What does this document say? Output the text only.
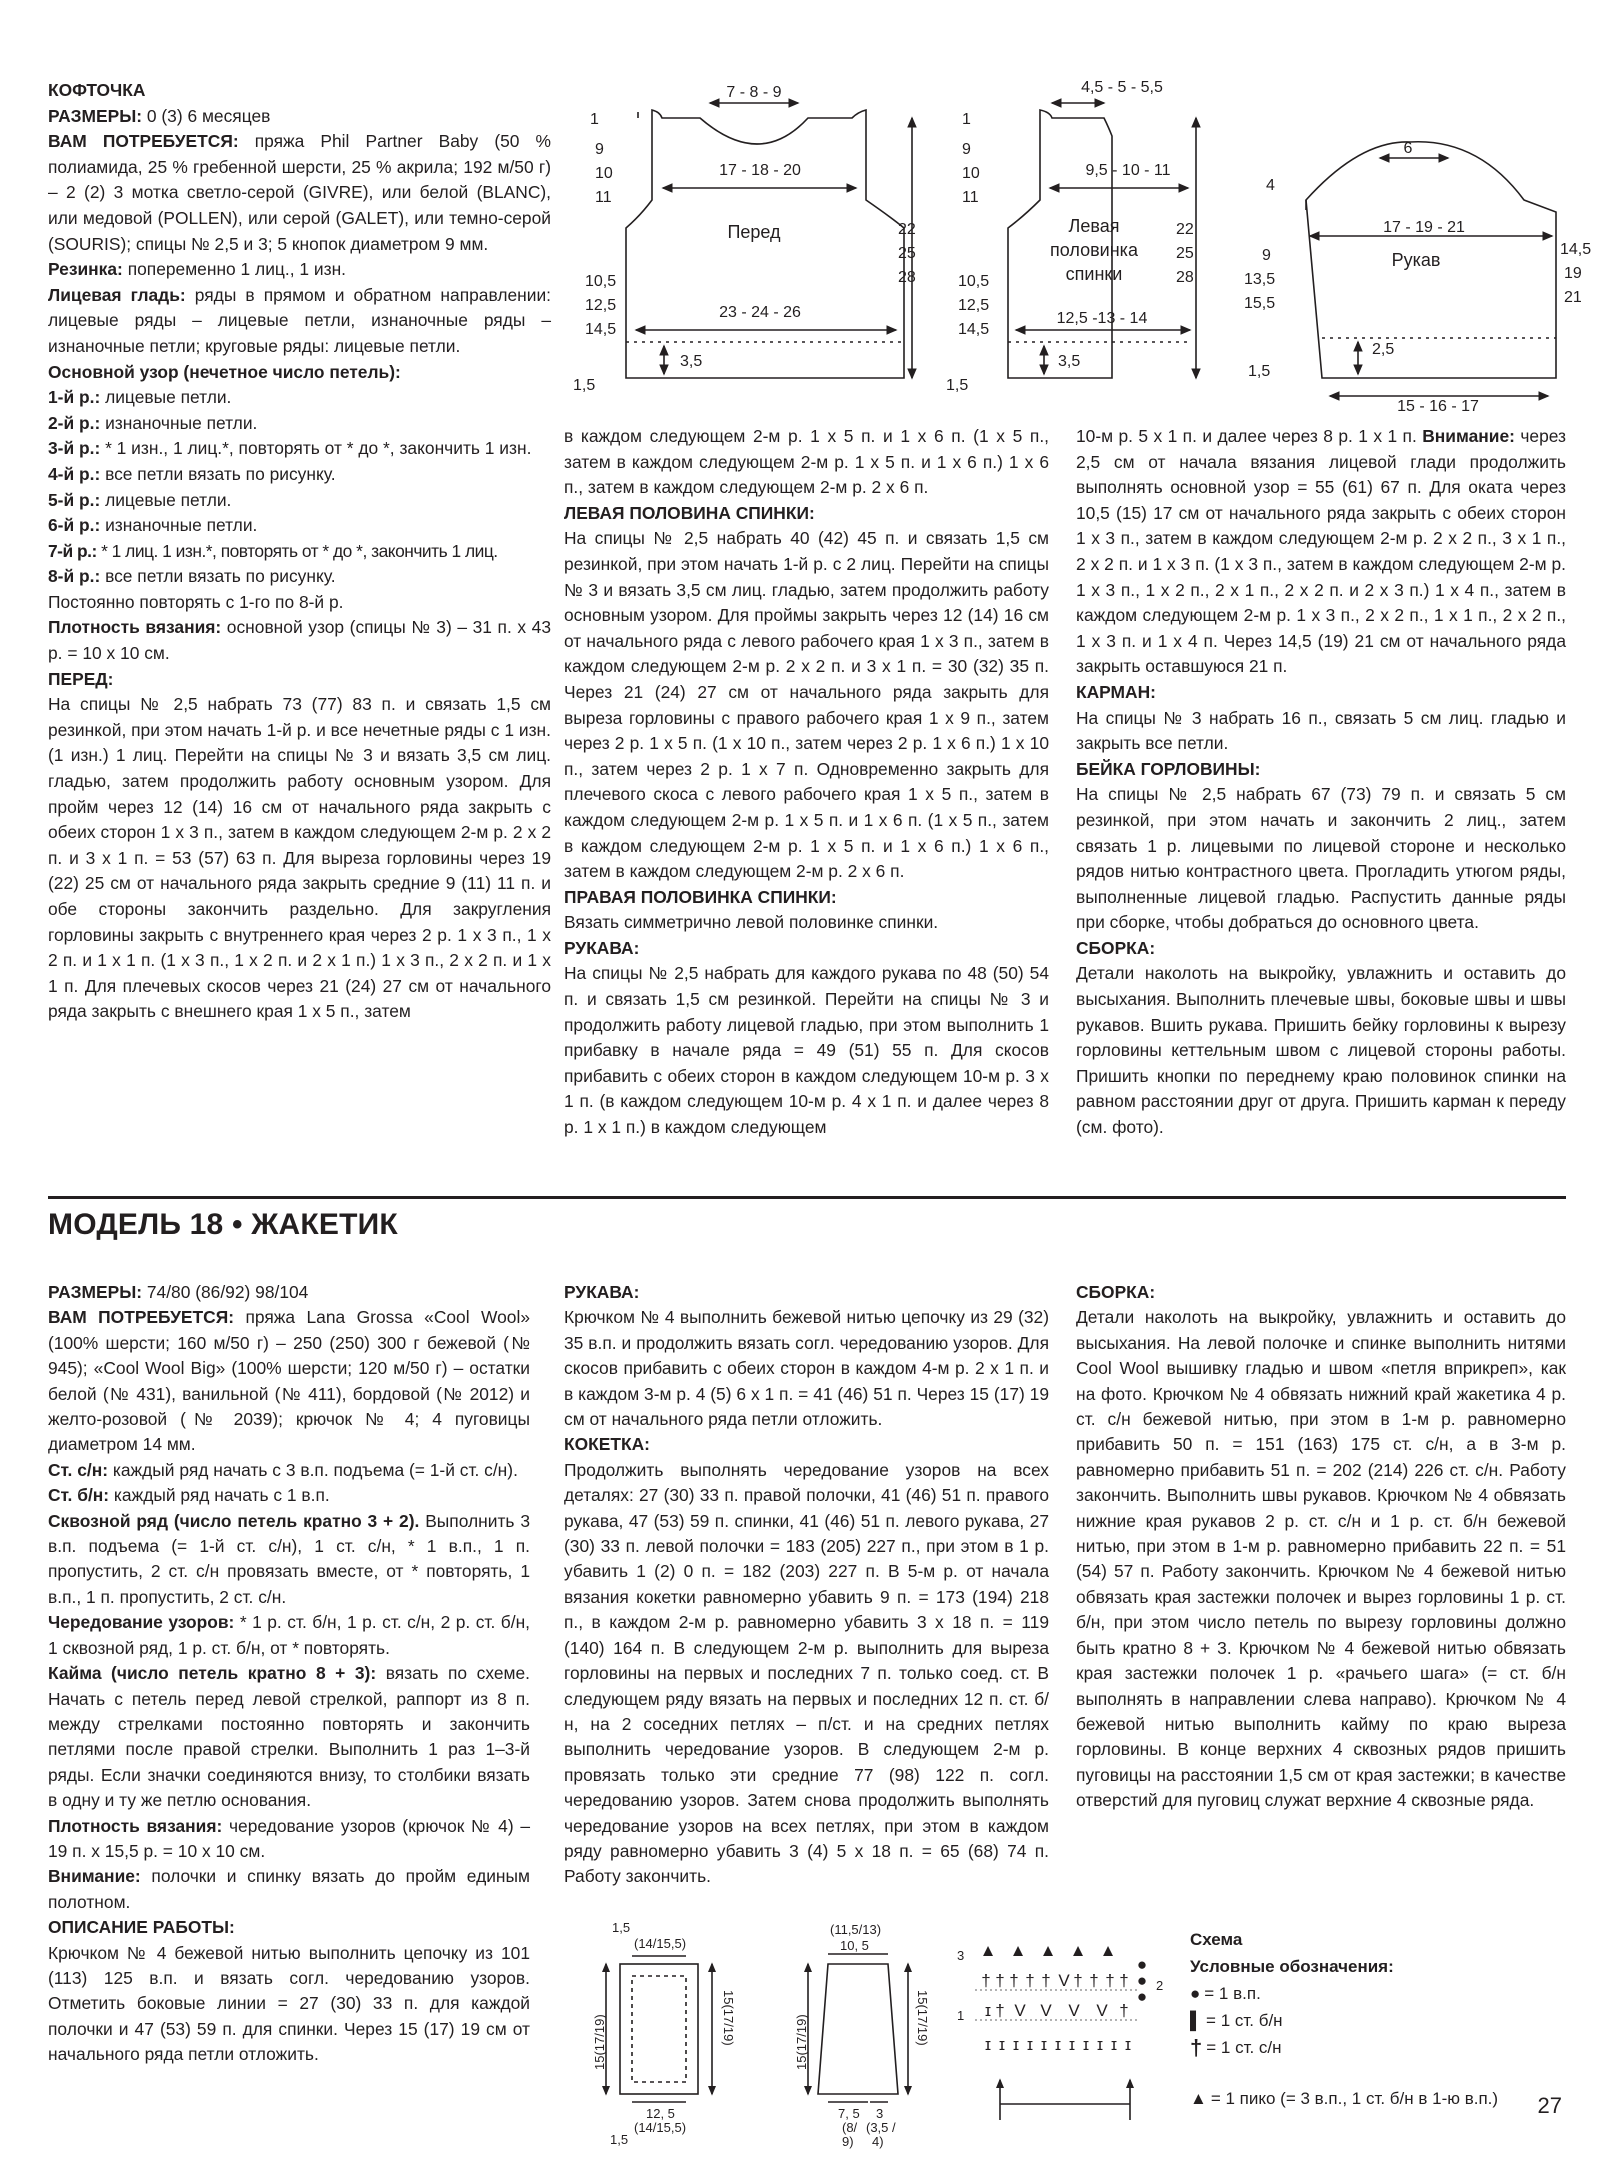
КОФТОЧКА

РАЗМЕРЫ: 0 (3) 6 месяцев

ВАМ ПОТРЕБУЕТСЯ: пряжа Phil Partner Baby (50 % полиамида, 25 % гребенной шерсти, 25 % акрила; 192 м/50 г) – 2 (2) 3 мотка светло-серой (GIVRE), или белой (BLANC), или медовой (POLLEN), или серой (GALET), или темно-серой (SOURIS); спицы № 2,5 и 3; 5 кнопок диаметром 9 мм.

Резинка: попеременно 1 лиц., 1 изн.

Лицевая гладь: ряды в прямом и обратном направлении: лицевые ряды – лицевые петли, изнаночные ряды – изнаночные петли; круговые ряды: лицевые петли.

Основной узор (нечетное число петель):

1-й р.: лицевые петли.

2-й р.: изнаночные петли.

3-й р.: * 1 изн., 1 лиц.*, повторять от * до *, закончить 1 изн.

4-й р.: все петли вязать по рисунку.

5-й р.: лицевые петли.

6-й р.: изнаночные петли.

7-й р.: * 1 лиц. 1 изн.*, повторять от * до *, закончить 1 лиц.

8-й р.: все петли вязать по рисунку.

Постоянно повторять с 1-го по 8-й р.

Плотность вязания: основной узор (спицы № 3) – 31 п. x 43 р. = 10 x 10 см.

ПЕРЕД:

На спицы № 2,5 набрать 73 (77) 83 п. и связать 1,5 см резинкой, при этом начать 1-й р. и все нечетные ряды с 1 изн. (1 изн.) 1 лиц. Перейти на спицы № 3 и вязать 3,5 см лиц. гладью, затем продолжить работу основным узором. Для пройм через 12 (14) 16 см от начального ряда закрыть с обеих сторон 1 x 3 п., затем в каждом следующем 2-м р. 2 x 2 п. и 3 x 1 п. = 53 (57) 63 п. Для выреза горловины через 19 (22) 25 см от начального ряда закрыть средние 9 (11) 11 п. и обе стороны закончить раздельно. Для закругления горловины закрыть с внутреннего края через 2 р. 1 x 3 п., 1 x 2 п. и 1 x 1 п. (1 x 3 п., 1 x 2 п. и 2 x 1 п.) 1 x 3 п., 2 x 2 п. и 1 x 1 п. Для плечевых скосов через 21 (24) 27 см от начального ряда закрыть с внешнего края 1 x 5 п., затем

в каждом следующем 2-м р. 1 x 5 п. и 1 x 6 п. (1 x 5 п., затем в каждом следующем 2-м р. 1 x 5 п. и 1 x 6 п.) 1 x 6 п., затем в каждом следующем 2-м р. 2 x 6 п.

ЛЕВАЯ ПОЛОВИНА СПИНКИ:

На спицы № 2,5 набрать 40 (42) 45 п. и связать 1,5 см резинкой, при этом начать 1-й р. с 2 лиц. Перейти на спицы № 3 и вязать 3,5 см лиц. гладью, затем продолжить работу основным узором. Для проймы закрыть через 12 (14) 16 см от начального ряда с левого рабочего края 1 x 3 п., затем в каждом следующем 2-м р. 2 x 2 п. и 3 x 1 п. = 30 (32) 35 п. Через 21 (24) 27 см от начального ряда закрыть для выреза горловины с правого рабочего края 1 x 9 п., затем через 2 р. 1 x 5 п. (1 x 10 п., затем через 2 р. 1 x 6 п.) 1 x 10 п., затем через 2 р. 1 x 7 п. Одновременно закрыть для плечевого скоса с левого рабочего края 1 x 5 п., затем в каждом следующем 2-м р. 1 x 5 п. и 1 x 6 п. (1 x 5 п., затем в каждом следующем 2-м р. 1 x 5 п. и 1 x 6 п.) 1 x 6 п., затем в каждом следующем 2-м р. 2 x 6 п.

ПРАВАЯ ПОЛОВИНКА СПИНКИ:

Вязать симметрично левой половинке спинки.

РУКАВА:

На спицы № 2,5 набрать для каждого рукава по 48 (50) 54 п. и связать 1,5 см резинкой. Перейти на спицы № 3 и продолжить работу лицевой гладью, при этом выполнить 1 прибавку в начале ряда = 49 (51) 55 п. Для скосов прибавить с обеих сторон в каждом следующем 10-м р. 3 x 1 п. (в каждом следующем 10-м р. 4 x 1 п. и далее через 8 р. 1 x 1 п.) в каждом следующем

10-м р. 5 x 1 п. и далее через 8 р. 1 x 1 п. Внимание: через 2,5 см от начала вязания лицевой глади продолжить выполнять основной узор = 55 (61) 67 п. Для оката через 10,5 (15) 17 см от начального ряда закрыть с обеих сторон 1 x 3 п., затем в каждом следующем 2-м р. 2 x 2 п., 3 x 1 п., 2 x 2 п. и 1 x 3 п. (1 x 3 п., затем в каждом следующем 2-м р. 1 x 3 п., 1 x 2 п., 2 x 1 п., 2 x 2 п. и 2 x 3 п.) 1 x 4 п., затем в каждом следующем 2-м р. 1 x 3 п., 2 x 2 п., 1 x 1 п., 2 x 2 п., 1 x 3 п. и 1 x 4 п. Через 14,5 (19) 21 см от начального ряда закрыть оставшуюся 21 п.

КАРМАН:

На спицы № 3 набрать 16 п., связать 5 см лиц. гладью и закрыть все петли.

БЕЙКА ГОРЛОВИНЫ:

На спицы № 2,5 набрать 67 (73) 79 п. и связать 5 см резинкой, при этом начать и закончить 2 лиц., затем связать 1 р. лицевыми по лицевой стороне и несколько рядов нитью контрастного цвета. Прогладить утюгом ряды, выполненные лицевой гладью. Распустить данные ряды при сборке, чтобы добраться до основного цвета.

СБОРКА:

Детали наколоть на выкройку, увлажнить и оставить до высыхания. Выполнить плечевые швы, боковые швы и швы рукавов. Вшить рукава. Пришить бейку горловины к вырезу горловины кеттельным швом с лицевой стороны работы. Пришить кнопки по переднему краю половинок спинки на равном расстоянии друг от друга. Пришить карман к переду (см. фото).

Перед
7 - 8 - 9
17 - 18 - 20
23 - 24 - 26
1
9
10
11
22
25
28
10,5
12,5
14,5
3,5
1,5
Левая
половинка
спинки
4,5 - 5 - 5,5
9,5 - 10 - 11
12,5 -13 - 14
1
9
10
11
22
25
28
10,5
12,5
14,5
3,5
1,5
Рукав
6
4
17 - 19 - 21
9
13,5
15,5
14,5
19
21
2,5
1,5
15 - 16 - 17
МОДЕЛЬ 18 • ЖАКЕТИК

РАЗМЕРЫ: 74/80 (86/92) 98/104

ВАМ ПОТРЕБУЕТСЯ: пряжа Lana Grossa «Cool Wool» (100% шерсти; 160 м/50 г) – 250 (250) 300 г бежевой (№ 945); «Cool Wool Big» (100% шерсти; 120 м/50 г) – остатки белой (№ 431), ванильной (№ 411), бордовой (№ 2012) и желто-розовой (№ 2039); крючок № 4; 4 пуговицы диаметром 14 мм.

Ст. с/н: каждый ряд начать с 3 в.п. подъема (= 1-й ст. с/н).

Ст. б/н: каждый ряд начать с 1 в.п.

Сквозной ряд (число петель кратно 3 + 2). Выполнить 3 в.п. подъема (= 1-й ст. с/н), 1 ст. с/н, * 1 в.п., 1 п. пропустить, 2 ст. с/н провязать вместе, от * повторять, 1 в.п., 1 п. пропустить, 2 ст. с/н.

Чередование узоров: * 1 р. ст. б/н, 1 р. ст. с/н, 2 р. ст. б/н, 1 сквозной ряд, 1 р. ст. б/н, от * повторять.

Кайма (число петель кратно 8 + 3): вязать по схеме. Начать с петель перед левой стрелкой, раппорт из 8 п. между стрелками постоянно повторять и закончить петлями после правой стрелки. Выполнить 1 раз 1–3-й ряды. Если значки соединяются внизу, то столбики вязать в одну и ту же петлю основания.

Плотность вязания: чередование узоров (крючок № 4) – 19 п. x 15,5 р. = 10 x 10 см.

Внимание: полочки и спинку вязать до пройм единым полотном.

ОПИСАНИЕ РАБОТЫ:

Крючком № 4 бежевой нитью выполнить цепочку из 101 (113) 125 в.п. и вязать согл. чередованию узоров. Отметить боковые линии = 27 (30) 33 п. для каждой полочки и 47 (53) 59 п. для спинки. Через 15 (17) 19 см от начального ряда петли отложить.

РУКАВА:

Крючком № 4 выполнить бежевой нитью цепочку из 29 (32) 35 в.п. и продолжить вязать согл. чередованию узоров. Для скосов прибавить с обеих сторон в каждом 4-м р. 2 x 1 п. и в каждом 3-м р. 4 (5) 6 x 1 п. = 41 (46) 51 п. Через 15 (17) 19 см от начального ряда петли отложить.

КОКЕТКА:

Продолжить выполнять чередование узоров на всех деталях: 27 (30) 33 п. правой полочки, 41 (46) 51 п. правого рукава, 47 (53) 59 п. спинки, 41 (46) 51 п. левого рукава, 27 (30) 33 п. левой полочки = 183 (205) 227 п., при этом в 1 р. убавить 1 (2) 0 п. = 182 (203) 227 п. В 5-м р. от начала вязания кокетки равномерно убавить 9 п. = 173 (194) 218 п., в каждом 2-м р. равномерно убавить 3 x 18 п. = 119 (140) 164 п. В следующем 2-м р. выполнить для выреза горловины на первых и последних 7 п. только соед. ст. В следующем ряду вязать на первых и последних 12 п. ст. б/н, на 2 соседних петлях – п/ст. и на средних петлях выполнить чередование узоров. В следующем 2-м р. провязать только эти средние 77 (98) 122 п. согл. чередованию узоров. Затем снова продолжить выполнять чередование узоров на всех петлях, при этом в каждом ряду равномерно убавить 3 (4) 5 x 18 п. = 65 (68) 74 п. Работу закончить.

СБОРКА:

Детали наколоть на выкройку, увлажнить и оставить до высыхания. На левой полочке и спинке выполнить нитями Cool Wool вышивку гладью и швом «петля вприкреп», как на фото. Крючком № 4 обвязать нижний край жакетика 4 р. ст. с/н бежевой нитью, при этом в 1-м р. равномерно прибавить 50 п. = 151 (163) 175 ст. с/н, а в 3-м р. равномерно прибавить 51 п. = 202 (214) 226 ст. с/н. Работу закончить. Выполнить швы рукавов. Крючком № 4 обвязать нижние края рукавов 2 р. ст. с/н и 1 р. ст. б/н бежевой нитью, при этом в 1-м р. равномерно прибавить 22 п. = 51 (54) 57 п. Работу закончить. Крючком № 4 бежевой нитью обвязать края застежки полочек и вырез горловины 1 р. ст. б/н, при этом число петель по вырезу горловины должно быть кратно 8 + 3. Крючком № 4 бежевой нитью обвязать края застежки полочек 1 р. «рачьего шага» (= ст. б/н выполнять в направлении слева направо). Крючком № 4 бежевой нитью выполнить кайму по краю выреза горловины. В конце верхних 4 сквозных рядов пришить пуговицы на расстоянии 1,5 см от края застежки; в качестве отверстий для пуговиц служат верхние 4 сквозные ряда.

1,5
(14/15,5)
15(17/19)	15(17/19)
12, 5
(14/15,5)
1,5
(11,5/13)
10, 5
15(17/19)	15(17/19)
7, 5 3
(8/ (3,5 /
9) 4)
▲ ▲ ▲ ▲ ▲
† † † † † V † † † † ●
●
●
ɪ † V V V V †
ɪ ɪ ɪ ɪ ɪ ɪ ɪ ɪ ɪ ɪ ɪ
3
2
1
Схема
Условные обозначения:
● = 1 в.п.
▌ = 1 ст. б/н
† = 1 ст. с/н
▲ = 1 пико (= 3 в.п., 1 ст. б/н в 1-ю в.п.) 27
